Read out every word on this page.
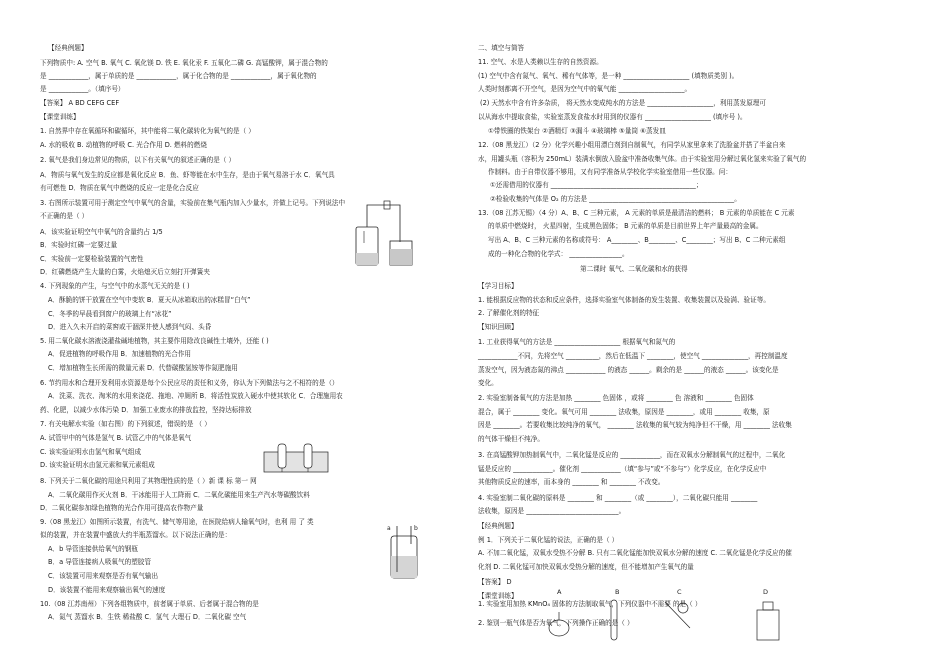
【经典例题】
下列物质中: A. 空气 B. 氧气 C. 氧化镁 D. 铁 E. 氧化汞 F. 五氧化二磷 G. 高锰酸钾，属于混合物的
是 ____________，属于单质的是 ____________，属于化合物的是 ____________，属于氧化物的
是 ____________。（填序号）
【答案】 A BD CEFG CEF
【课堂训练】
1. 自然界中存在氧循环和碳循环，其中能将二氧化碳转化为氧气的是（ ）
A. 水的吸收 B. 动植物的呼吸 C. 光合作用 D. 燃料的燃烧
2. 氧气是我们身边常见的物质，以下有关氧气的叙述正确的是（ ）
A．物质与氧气发生的反应都是氧化反应 B．鱼、虾等能在水中生存，是由于氧气易溶于水 C．氧气具
有可燃性 D．物质在氧气中燃烧的反应一定是化合反应
3. 右图所示装置可用于测定空气中氧气的含量，实验前在集气瓶内加入少量水，并做上记号。下列说法中
不正确的是（ ）
A．该实验证明空气中氧气的含量约占 1/5
B．实验时红磷一定要过量
C．实验前一定要检验装置的气密性
D．红磷燃烧产生大量的白雾，火焰熄灭后立刻打开弹簧夹
4. 下列现象的产生，与空气中的水蒸气无关的是 ( )
A．酥脆的饼干放置在空气中变软 B．夏天从冰箱取出的冰糕冒“白气”
C．冬季的早晨看到窗户的玻璃上有“冰花”
D．进入久未开启的菜窖或干涸深井使人感到气闷、头昏
5. 用二氧化碳水溶液浇灌盐碱地植物，其主要作用除改良碱性土壤外，还能 ( )
A．促进植物的呼吸作用 B．加速植物的光合作用
C．增加植物生长所需的微量元素 D．代替碳酸氢铵等作氮肥施用
6. 节约用水和合理开发利用水资源是每个公民应尽的责任和义务，你认为下列做法与之不相符的是（）
A．洗菜、洗衣、淘米的水用来浇花、拖地、冲厕所 B．将活性炭放入硬水中使其软化 C．合理施用农
药、化肥，以减少水体污染 D．加强工业废水的排放监控，坚持达标排放
7. 有关电解水实验（如右图）的下列叙述，错误的是 （ ）
A. 试管甲中的气体是氢气 B. 试管乙中的气体是氧气
C. 该实验证明水由氢气和氧气组成
D. 该实验证明水由氢元素和氧元素组成
8. 下列关于二氧化碳的用途只利用了其物理性质的是（ ）新 课 标 第一 网
A．二氧化碳用作灭火剂 B．干冰能用于人工降雨 C．二氧化碳能用来生产汽水等碳酸饮料
D．二氧化碳参加绿色植物的光合作用可提高农作物产量
9.（08 黑龙江）如图所示装置，有洗气、储气等用途，在医院给病人输氧气时，也利 用 了 类
似的装置，并在装置中盛放大约半瓶蒸馏水。以下说法正确的是：
A．b 导管连接供给氧气的钢瓶
B．a 导管连接病人吸氧气的塑胶管
C．该装置可用来观察是否有氧气输出
D．该装置不能用来观察输出氧气的速度
10.（08 江苏南州）下列各组物质中，前者属于单质、后者属于混合物的是
A．氮气 蒸馏水 B．生铁 稀盐酸 C．氢气 大理石 D．二氧化碳 空气
a	b
二、填空与简答
11. 空气、水是人类赖以生存的自然资源。
(1) 空气中含有氮气、氧气、稀有气体等，是一种 ____________________ (填物质类别 )。
人类时刻都离不开空气，是因为空气中的氧气能 ____________________。
(2) 天然水中含有许多杂质， 将天然水变成纯水的方法是 ____________________，利用蒸发原理可
以从海水中提取食盐，实验室蒸发食盐水时用到的仪器有 ____________________ (填序号 )。
①带铁圈的铁架台 ②酒精灯 ③漏斗 ④玻璃棒 ⑤量筒 ⑥蒸发皿
12.（08 黑龙江）（2 分）化学兴趣小组用漂白剂到自制氧气，有同学从家里拿来了洗脸盆并搭了半盆自来
水，用罐头瓶（容积为 250mL）装满水倒放入脸盆中准备收集气体。由于实验室用分解过氧化氢来实验了氧气的
作制料。由于自带仪器不够用，又有同学准备从学校化学实验室借用一些仪器。问：
①还需借用的仪器有 ____________________________________________；
②检验收集的气体是 O₂ 的方法是 ____________________________________________。
13.（08 江苏无锡）（4 分）A、B、C 三种元素， A 元素的单质是最清洁的燃料； B 元素的单质能在 C 元素
的单质中燃烧时， 火星四射，生成黑色固体； B 元素的单质是目前世界上年产量最高的金属。
写出 A、B、C 三种元素的名称或符号： A________、B________、C________；写出 B、C 二种元素组
成的一种化合物的化学式： ________________。
第二课时 氧气、二氧化碳和水的获得
【学习目标】
1. 能根据反应物的状态和反应条件，选择实验室气体制备的发生装置、收集装置以及验满、验证等。
2. 了解催化剂的特征
【知识回顾】
1. 工业获得氧气的方法是 ____________________ 根据氧气和氮气的
____________不同，先将空气 __________，然后在低温下 ________，使空气 ______________，再控制温度
蒸发空气，因为液态氮的沸点 ____________ 的液态 ______。剩余的是 ______的液态 ______。该变化是
变化。
2. 实验室制备氧气的方法是加热 ________ 色固体 ，或将 ________ 色 溶液和 ________ 色固体
混合，属于 ________ 变化。氧气可用 ________ 法收集，原因是 ________，或用 ________ 收集，原
因是 ________。若要收集比较纯净的氧气， ________ 法收集的氧气较为纯净但不干燥，用 ________ 法收集
的气体干燥但不纯净。
3. 在高锰酸钾加热制氧气中，二氧化锰是反应的 ____________，而在双氧水分解制氧气的过程中，二氧化
锰是反应的 ____________。催化剂 ____________（填“参与”或“不参与”）化学反应，在化学反应中
其他物质反应的速率，而本身的 ________ 和 ________ 不改变。
4. 实验室制二氧化碳的原料是 ________ 和 ________（或 ________），二氧化碳只能用 ________
法收集，原因是 ____________________________。
【经典例题】
例 1．下列关于二氧化锰的说法，正确的是（ ）
A. 不加二氧化锰，双氧水受热不分解 B. 只有二氧化锰能加快双氧水分解的速度 C. 二氧化锰是化学反应的催
化剂 D. 二氧化锰可加快双氧水受热分解的速度，但不能增加产生氧气的量
【答案】 D
【课堂训练】
1. 实验室用加热 KMnO₄ 固体的方法制取氧气，下列仪器中不需要 的是（ ）
2. 鉴别一瓶气体是否为氧气，下列操作正确的是（ ）
A	B	C	D
